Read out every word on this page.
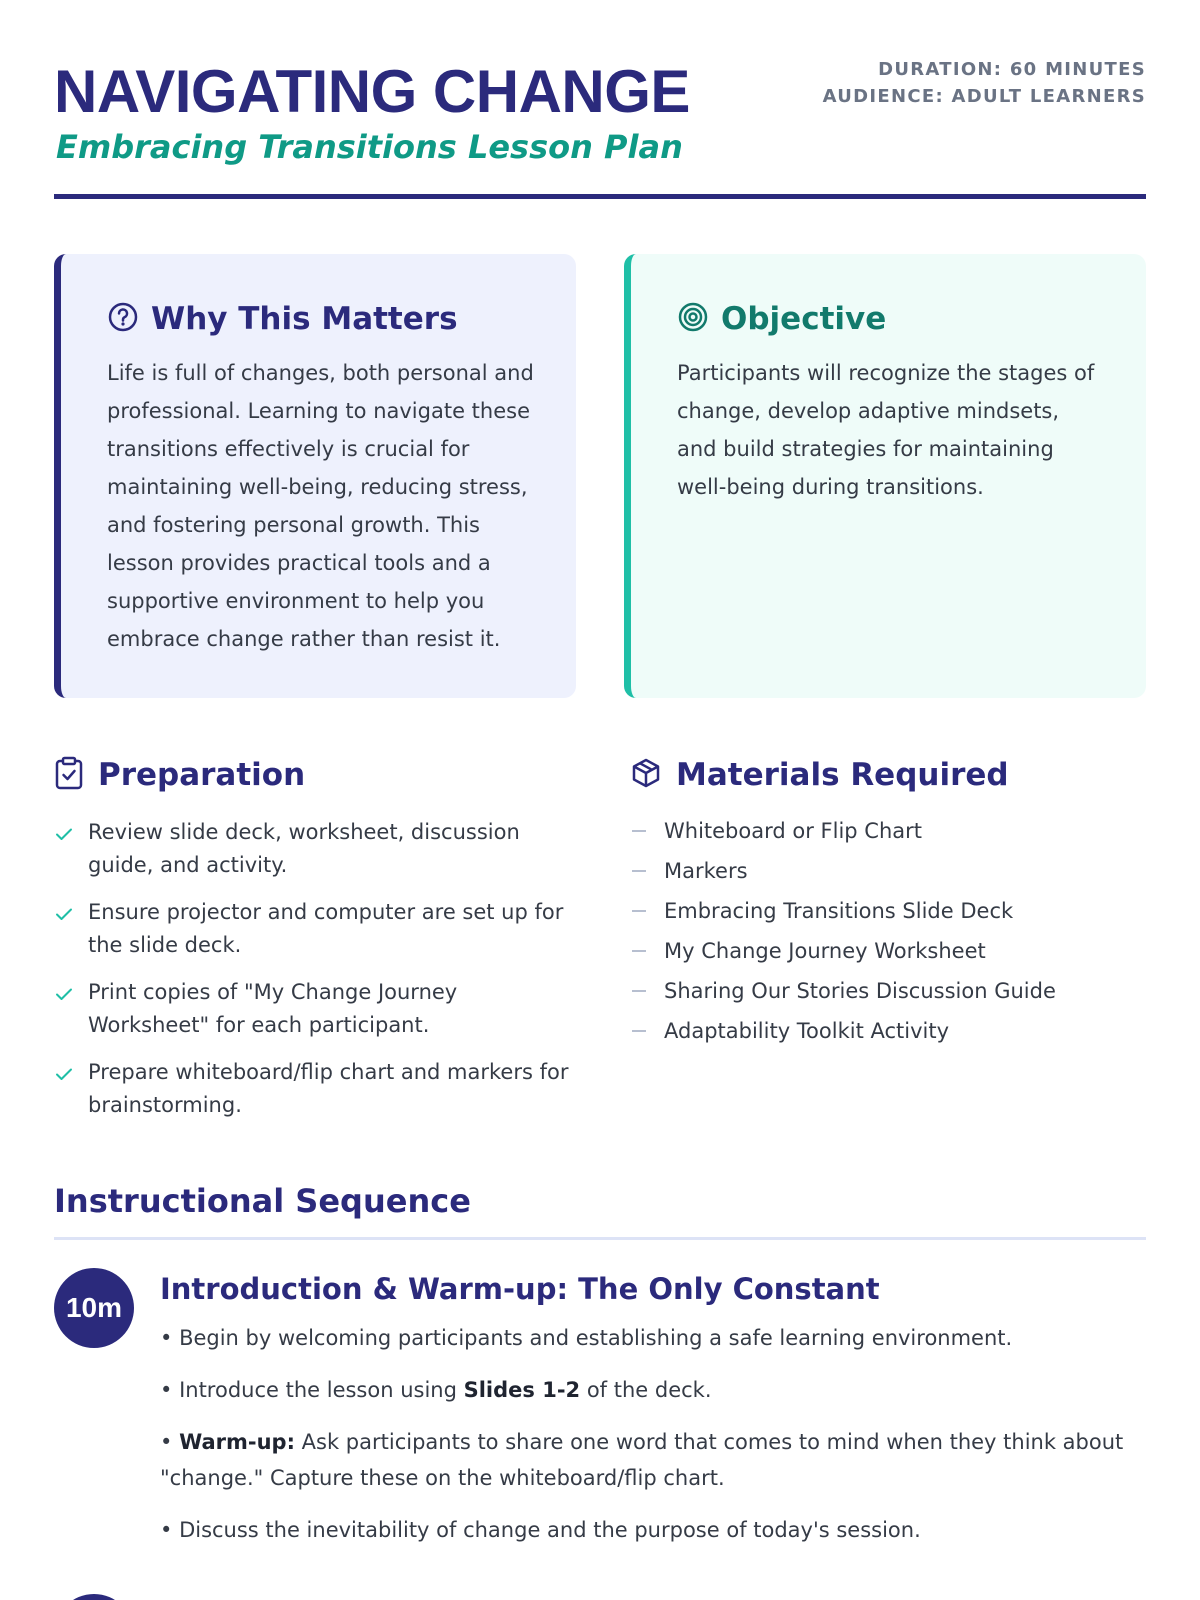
NAVIGATING CHANGE
Embracing Transitions Lesson Plan
DURATION: 60 MINUTES
AUDIENCE: ADULT LEARNERS
Why This Matters

Life is full of changes, both personal and professional. Learning to navigate these transitions effectively is crucial for maintaining well-being, reducing stress, and fostering personal growth. This lesson provides practical tools and a supportive environment to help you embrace change rather than resist it.

Objective

Participants will recognize the stages of change, develop adaptive mindsets, and build strategies for maintaining well-being during transitions.

Preparation
Review slide deck, worksheet, discussion guide, and activity.
Ensure projector and computer are set up for the slide deck.
Print copies of "My Change Journey Worksheet" for each participant.
Prepare whiteboard/flip chart and markers for brainstorming.
Materials Required
Whiteboard or Flip Chart
Markers
Embracing Transitions Slide Deck
My Change Journey Worksheet
Sharing Our Stories Discussion Guide
Adaptability Toolkit Activity
Instructional Sequence
10m
Introduction & Warm-up: The Only Constant
• Begin by welcoming participants and establishing a safe learning environment.
• Introduce the lesson using Slides 1-2 of the deck.
• Warm-up: Ask participants to share one word that comes to mind when they think about "change." Capture these on the whiteboard/flip chart.
• Discuss the inevitability of change and the purpose of today's session.
